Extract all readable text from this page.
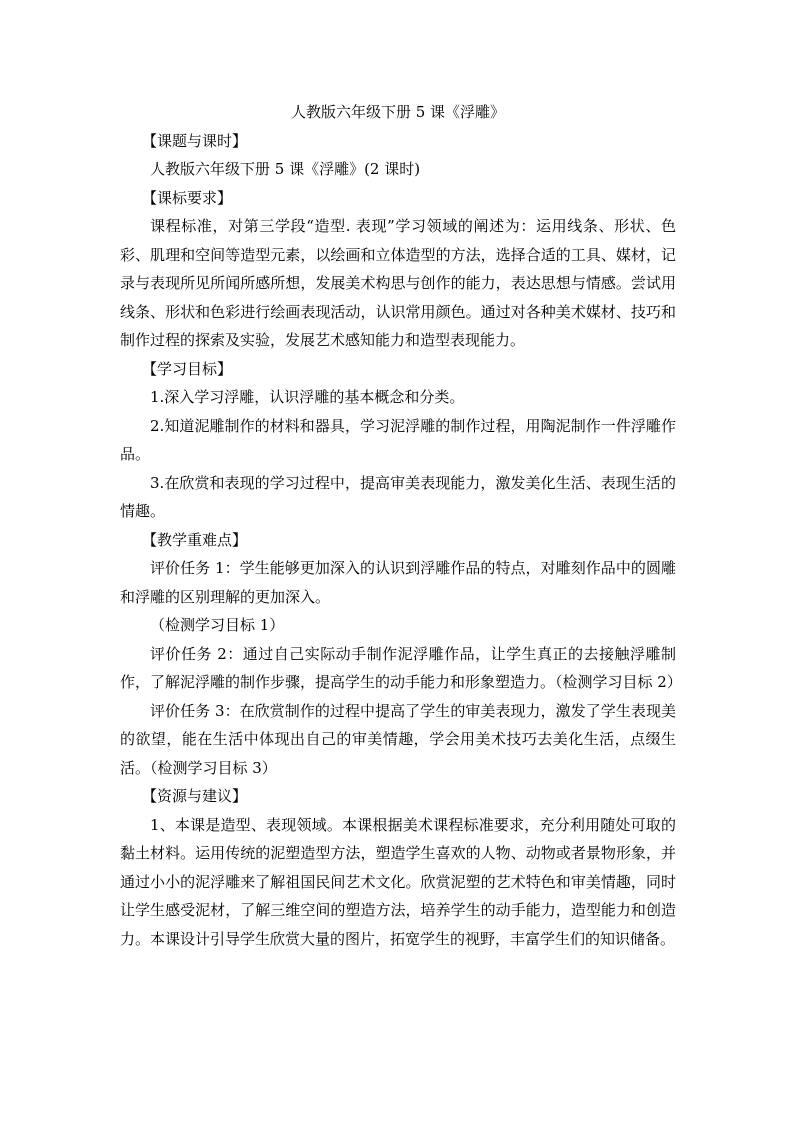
人教版六年级下册 5 课《浮雕》

【课题与课时】

人教版六年级下册 5 课《浮雕》(2 课时)

【课标要求】

课程标准，对第三学段“造型. 表现”学习领域的阐述为：运用线条、形状、色彩、肌理和空间等造型元素，以绘画和立体造型的方法，选择合适的工具、媒材，记录与表现所见所闻所感所想，发展美术构思与创作的能力，表达思想与情感。尝试用线条、形状和色彩进行绘画表现活动，认识常用颜色。通过对各种美术媒材、技巧和制作过程的探索及实验，发展艺术感知能力和造型表现能力。

【学习目标】

1.深入学习浮雕，认识浮雕的基本概念和分类。

2.知道泥雕制作的材料和器具，学习泥浮雕的制作过程，用陶泥制作一件浮雕作品。

3.在欣赏和表现的学习过程中，提高审美表现能力，激发美化生活、表现生活的情趣。

【教学重难点】

评价任务 1：学生能够更加深入的认识到浮雕作品的特点，对雕刻作品中的圆雕和浮雕的区别理解的更加深入。

（检测学习目标 1）

评价任务 2：通过自己实际动手制作泥浮雕作品，让学生真正的去接触浮雕制作，了解泥浮雕的制作步骤，提高学生的动手能力和形象塑造力。（检测学习目标 2）

评价任务 3：在欣赏制作的过程中提高了学生的审美表现力，激发了学生表现美的欲望，能在生活中体现出自己的审美情趣，学会用美术技巧去美化生活，点缀生活。（检测学习目标 3）

【资源与建议】

1、本课是造型、表现领域。本课根据美术课程标准要求，充分利用随处可取的黏土材料。运用传统的泥塑造型方法，塑造学生喜欢的人物、动物或者景物形象，并通过小小的泥浮雕来了解祖国民间艺术文化。欣赏泥塑的艺术特色和审美情趣，同时让学生感受泥材，了解三维空间的塑造方法，培养学生的动手能力，造型能力和创造力。本课设计引导学生欣赏大量的图片，拓宽学生的视野，丰富学生们的知识储备。
